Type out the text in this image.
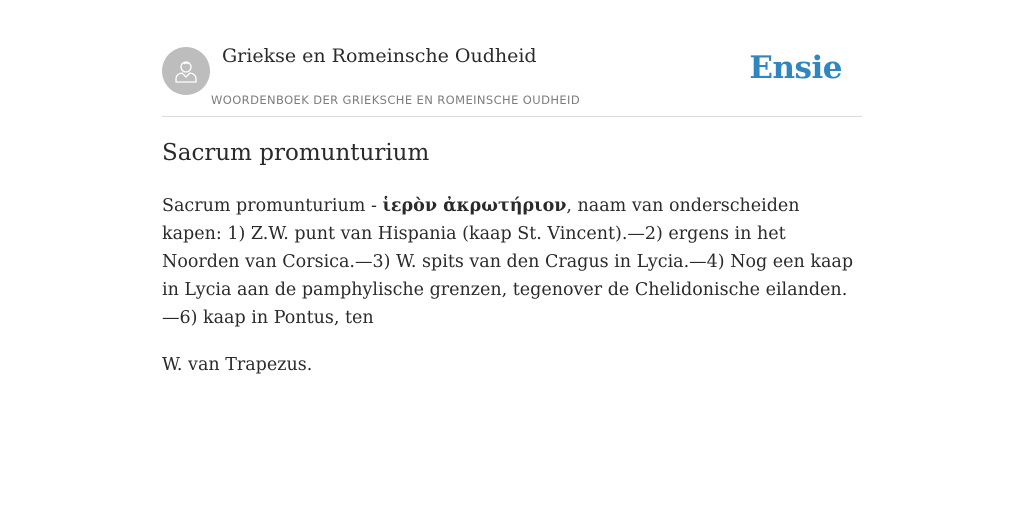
Griekse en Romeinsche Oudheid
WOORDENBOEK DER GRIEKSCHE EN ROMEINSCHE OUDHEID
Ensie
Sacrum promunturium

Sacrum promunturium - ἱερὸν ἀκρωτήριον, naam van onderscheiden kapen: 1) Z.W. punt van Hispania (kaap St. Vincent).—2) ergens in het Noorden van Corsica.—3) W. spits van den Cragus in Lycia.—4) Nog een kaap in Lycia aan de pamphylische grenzen, tegenover de Chelidonische eilanden.—6) kaap in Pontus, ten

W. van Trapezus.
